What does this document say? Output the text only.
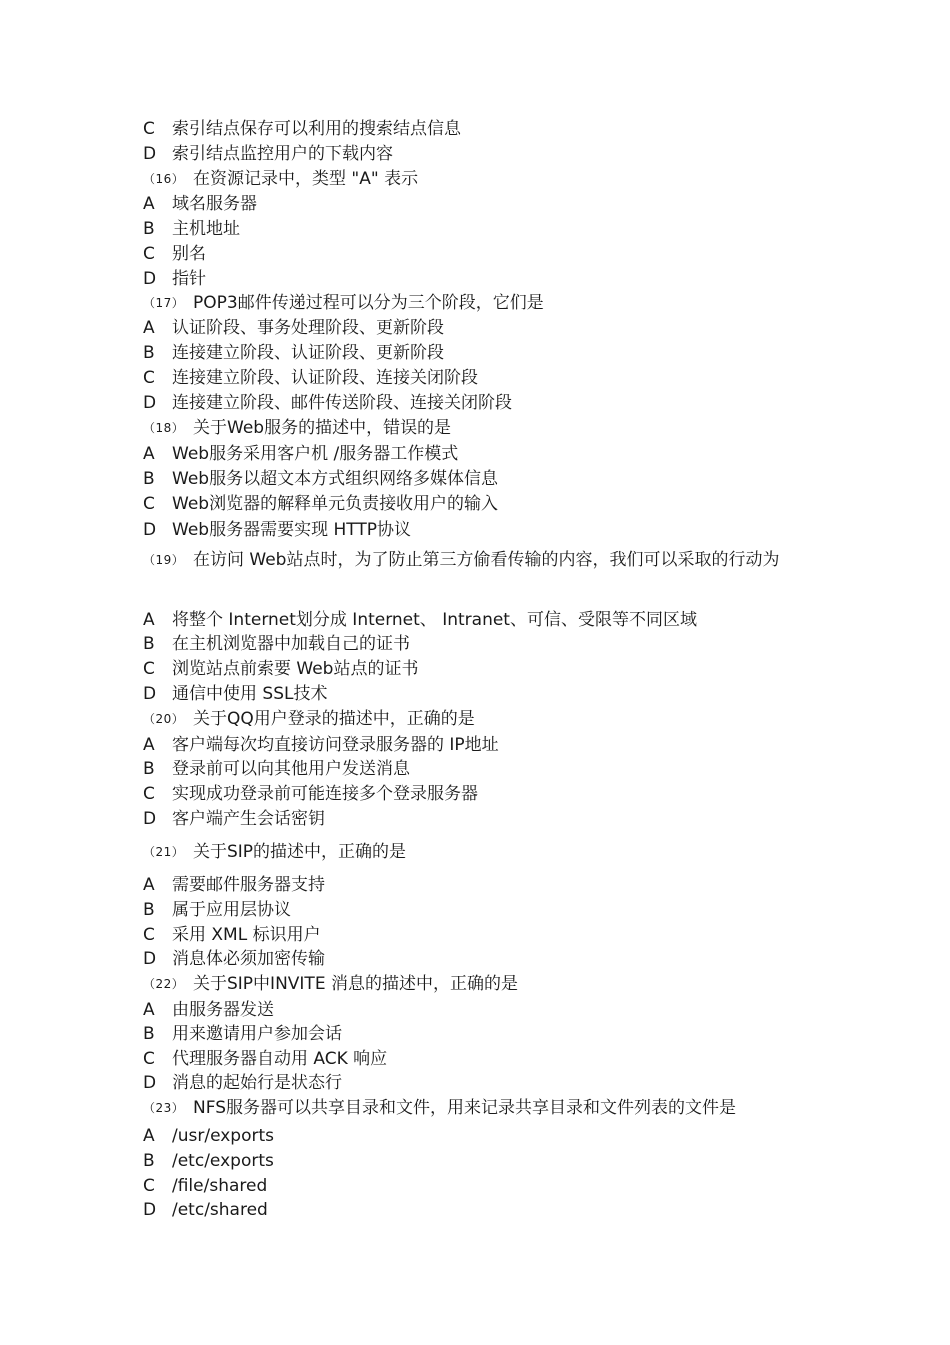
C 索引结点保存可以利用的搜索结点信息
D 索引结点监控用户的下载内容
（16） 在资源记录中，类型 "A" 表示
A 域名服务器
B 主机地址
C 别名
D 指针
（17） POP3邮件传递过程可以分为三个阶段，它们是
A 认证阶段、事务处理阶段、更新阶段
B 连接建立阶段、认证阶段、更新阶段
C 连接建立阶段、认证阶段、连接关闭阶段
D 连接建立阶段、邮件传送阶段、连接关闭阶段
（18） 关于Web服务的描述中，错误的是
A Web服务采用客户机 /服务器工作模式
B Web服务以超文本方式组织网络多媒体信息
C Web浏览器的解释单元负责接收用户的输入
D Web服务器需要实现 HTTP协议
（19） 在访问 Web站点时，为了防止第三方偷看传输的内容，我们可以采取的行动为
A 将整个 Internet划分成 Internet、 Intranet、可信、受限等不同区域
B 在主机浏览器中加载自己的证书
C 浏览站点前索要 Web站点的证书
D 通信中使用 SSL技术
（20） 关于QQ用户登录的描述中，正确的是
A 客户端每次均直接访问登录服务器的 IP地址
B 登录前可以向其他用户发送消息
C 实现成功登录前可能连接多个登录服务器
D 客户端产生会话密钥
（21） 关于SIP的描述中，正确的是
A 需要邮件服务器支持
B 属于应用层协议
C 采用 XML 标识用户
D 消息体必须加密传输
（22） 关于SIP中INVITE 消息的描述中，正确的是
A 由服务器发送
B 用来邀请用户参加会话
C 代理服务器自动用 ACK 响应
D 消息的起始行是状态行
（23） NFS服务器可以共享目录和文件，用来记录共享目录和文件列表的文件是
A /usr/exports
B /etc/exports
C /file/shared
D /etc/shared
